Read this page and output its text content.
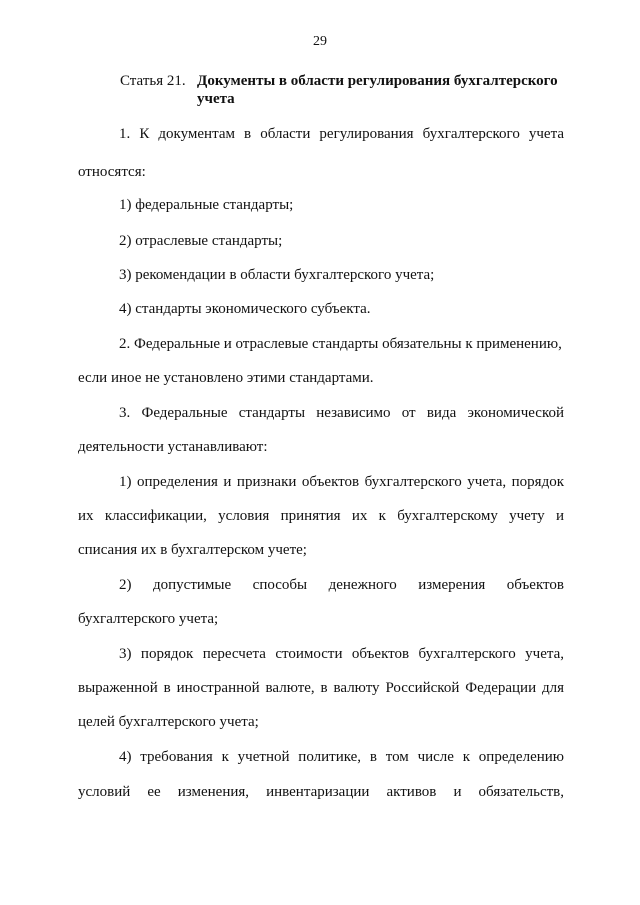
29
Статья 21. Документы в области регулирования бухгалтерского учета
1. К документам в области регулирования бухгалтерского учета
относятся:
1) федеральные стандарты;
2) отраслевые стандарты;
3) рекомендации в области бухгалтерского учета;
4) стандарты экономического субъекта.
2. Федеральные и отраслевые стандарты обязательны к применению,
если иное не установлено этими стандартами.
3. Федеральные стандарты независимо от вида экономической
деятельности устанавливают:
1) определения и признаки объектов бухгалтерского учета, порядок
их классификации, условия принятия их к бухгалтерскому учету и
списания их в бухгалтерском учете;
2) допустимые способы денежного измерения объектов
бухгалтерского учета;
3) порядок пересчета стоимости объектов бухгалтерского учета,
выраженной в иностранной валюте, в валюту Российской Федерации для
целей бухгалтерского учета;
4) требования к учетной политике, в том числе к определению
условий ее изменения, инвентаризации активов и обязательств,
